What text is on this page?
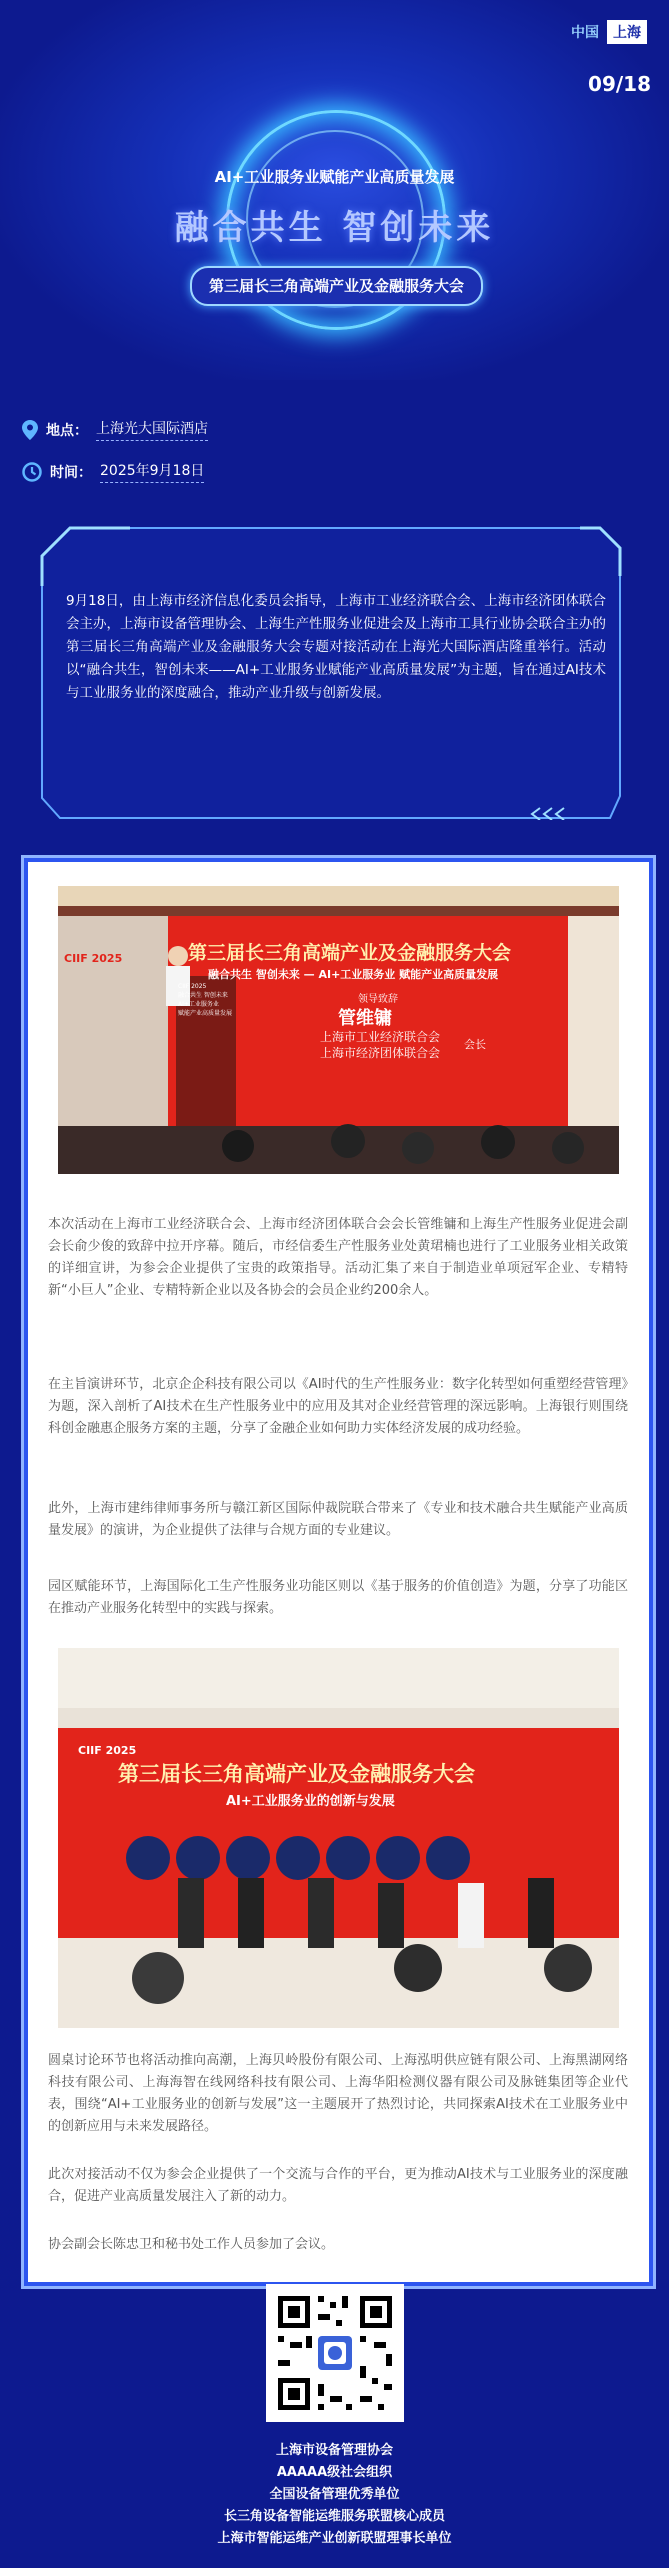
中国	上海
09/18
AI+工业服务业赋能产业高质量发展
融合共生 智创未来
第三届长三角高端产业及金融服务大会
地点： 上海光大国际酒店
时间： 2025年9月18日
9月18日，由上海市经济信息化委员会指导，上海市工业经济联合会、上海市经济团体联合会主办，上海市设备管理协会、上海生产性服务业促进会及上海市工具行业协会联合主办的第三届长三角高端产业及金融服务大会专题对接活动在上海光大国际酒店隆重举行。活动以“融合共生，智创未来——AI+工业服务业赋能产业高质量发展”为主题，旨在通过AI技术与工业服务业的深度融合，推动产业升级与创新发展。
CIIF 2025	第三届长三角高端产业及金融服务大会
融合共生 智创未来 — AI+工业服务业 赋能产业高质量发展
CIIF 2025
融合共生 智创未来
AI+工业服务业
赋能产业高质量发展
领导致辞
管维镛
上海市工业经济联合会
上海市经济团体联合会
会长
本次活动在上海市工业经济联合会、上海市经济团体联合会会长管维镛和上海生产性服务业促进会副会长俞少俊的致辞中拉开序幕。随后，市经信委生产性服务业处黄珺楠也进行了工业服务业相关政策的详细宣讲，为参会企业提供了宝贵的政策指导。活动汇集了来自于制造业单项冠军企业、专精特新“小巨人”企业、专精特新企业以及各协会的会员企业约200余人。
在主旨演讲环节，北京企企科技有限公司以《AI时代的生产性服务业：数字化转型如何重塑经营管理》为题，深入剖析了AI技术在生产性服务业中的应用及其对企业经营管理的深远影响。上海银行则围绕科创金融惠企服务方案的主题，分享了金融企业如何助力实体经济发展的成功经验。
此外，上海市建纬律师事务所与赣江新区国际仲裁院联合带来了《专业和技术融合共生赋能产业高质量发展》的演讲，为企业提供了法律与合规方面的专业建议。
园区赋能环节，上海国际化工生产性服务业功能区则以《基于服务的价值创造》为题，分享了功能区在推动产业服务化转型中的实践与探索。
CIIF 2025
第三届长三角高端产业及金融服务大会
AI+工业服务业的创新与发展
圆桌讨论环节也将活动推向高潮，上海贝岭股份有限公司、上海泓明供应链有限公司、上海黑湖网络科技有限公司、上海海智在线网络科技有限公司、上海华阳检测仪器有限公司及脉链集团等企业代表，围绕“AI+工业服务业的创新与发展”这一主题展开了热烈讨论，共同探索AI技术在工业服务业中的创新应用与未来发展路径。
此次对接活动不仅为参会企业提供了一个交流与合作的平台，更为推动AI技术与工业服务业的深度融合，促进产业高质量发展注入了新的动力。
协会副会长陈忠卫和秘书处工作人员参加了会议。
上海市设备管理协会
AAAAA级社会组织
全国设备管理优秀单位
长三角设备智能运维服务联盟核心成员
上海市智能运维产业创新联盟理事长单位
